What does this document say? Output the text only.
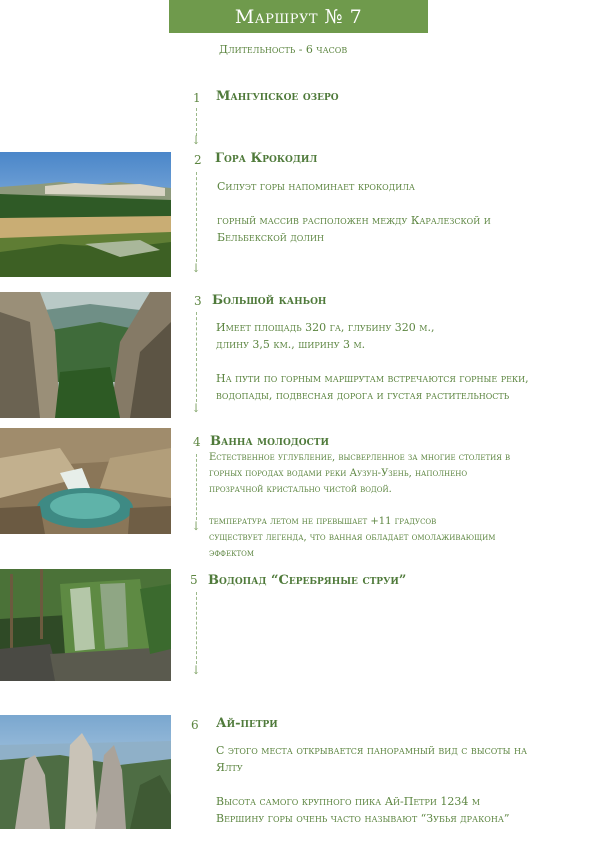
Маршрут № 7
Длительность - 6 часов
1 Мангупское озеро
↓
2 Гора Крокодил
↓
Силуэт горы напоминает крокодила

горный массив расположен между Каралезской и
Бельбекской долин
3 Большой каньон
↓
Имеет площадь 320 га, глубину 320 м.,
длину 3,5 км., ширину 3 м.

На пути по горным маршрутам встречаются горные реки,
водопады, подвесная дорога и густая растительность
4 Ванна молодости
↓
Естественное углубление, высверленное за многие столетия в
горных породах водами реки Аузун-Узень, наполнено
прозрачной кристально чистой водой.

температура летом не превышает +11 градусов
существует легенда, что ванная обладает омолаживающим
эффектом
5 Водопад “Серебряные струи”
↓
6 Ай-петри
С этого места открывается панорамный вид с высоты на
Ялту

Высота самого крупного пика Ай-Петри 1234 м
Вершину горы очень часто называют “Зубья дракона”
